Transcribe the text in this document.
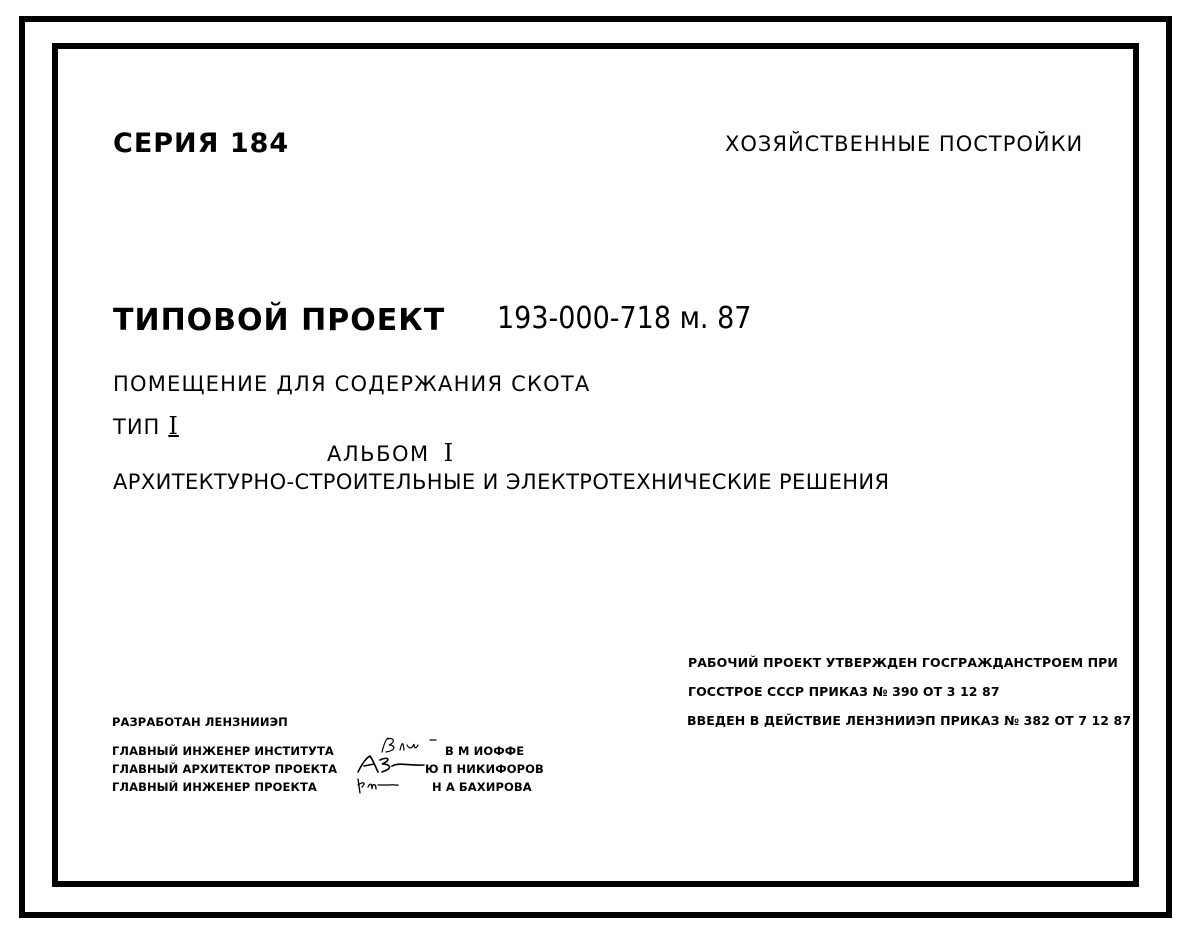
СЕРИЯ 184	ХОЗЯЙСТВЕННЫЕ ПОСТРОЙКИ
ТИПОВОЙ ПРОЕКТ 193-000-718 м. 87
ПОМЕЩЕНИЕ ДЛЯ СОДЕРЖАНИЯ СКОТА
ТИП I
АЛЬБОМ I
АРХИТЕКТУРНО-СТРОИТЕЛЬНЫЕ И ЭЛЕКТРОТЕХНИЧЕСКИЕ РЕШЕНИЯ
РАБОЧИЙ ПРОЕКТ УТВЕРЖДЕН ГОСГРАЖДАНСТРОЕМ ПРИ
ГОССТРОЕ СССР ПРИКАЗ № 390 ОТ 3 12 87
ВВЕДЕН В ДЕЙСТВИЕ ЛЕНЗНИИЭП ПРИКАЗ № 382 ОТ 7 12 87
РАЗРАБОТАН ЛЕНЗНИИЭП
ГЛАВНЫЙ ИНЖЕНЕР ИНСТИТУТА
ГЛАВНЫЙ АРХИТЕКТОР ПРОЕКТА
ГЛАВНЫЙ ИНЖЕНЕР ПРОЕКТА
В М ИОФФЕ
Ю П НИКИФОРОВ
Н А БАХИРОВА
